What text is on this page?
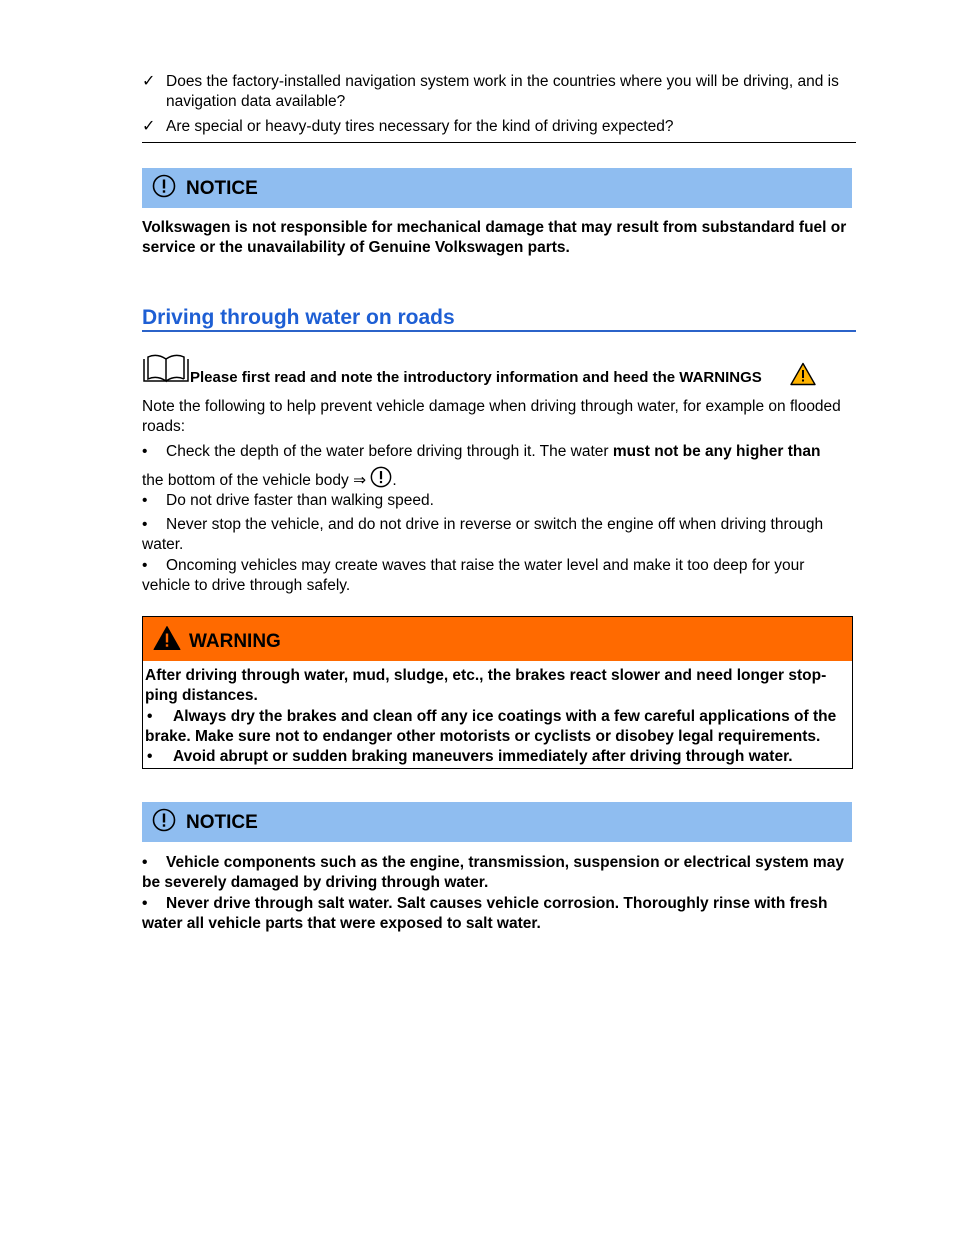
✓ Does the factory-installed navigation system work in the countries where you will be driving, and is navigation data available?
✓ Are special or heavy-duty tires necessary for the kind of driving expected?
NOTICE
Volkswagen is not responsible for mechanical damage that may result from substandard fuel or service or the unavailability of Genuine Volkswagen parts.
Driving through water on roads
Please first read and note the introductory information and heed the WARNINGS
Note the following to help prevent vehicle damage when driving through water, for example on flooded roads:
• Check the depth of the water before driving through it. The water must not be any higher than
the bottom of the vehicle body ⇒ .
• Do not drive faster than walking speed.
• Never stop the vehicle, and do not drive in reverse or switch the engine off when driving through water.
• Oncoming vehicles may create waves that raise the water level and make it too deep for your vehicle to drive through safely.
WARNING
After driving through water, mud, sludge, etc., the brakes react slower and need longer stop-ping distances.
• Always dry the brakes and clean off any ice coatings with a few careful applications of the brake. Make sure not to endanger other motorists or cyclists or disobey legal requirements.
• Avoid abrupt or sudden braking maneuvers immediately after driving through water.
NOTICE
• Vehicle components such as the engine, transmission, suspension or electrical system may be severely damaged by driving through water.
• Never drive through salt water. Salt causes vehicle corrosion. Thoroughly rinse with fresh water all vehicle parts that were exposed to salt water.
